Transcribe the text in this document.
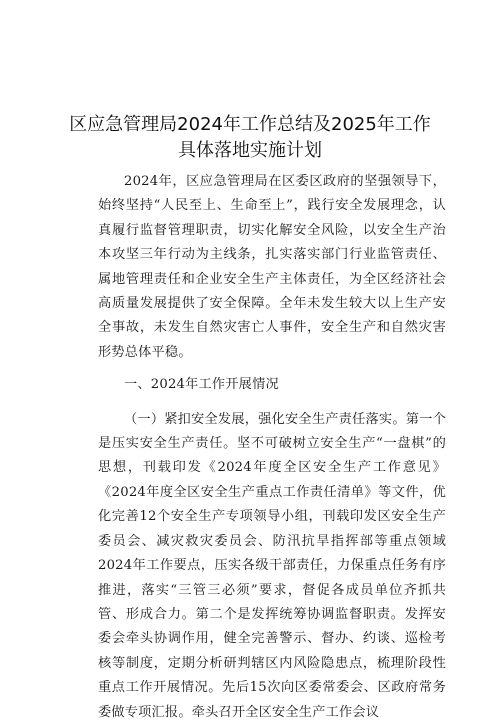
区应急管理局2024年工作总结及2025年工作
具体落地实施计划

2024年，区应急管理局在区委区政府的坚强领导下，始终坚持“人民至上、生命至上”，践行安全发展理念，认真履行监督管理职责，切实化解安全风险，以安全生产治本攻坚三年行动为主线条，扎实落实部门行业监管责任、属地管理责任和企业安全生产主体责任，为全区经济社会高质量发展提供了安全保障。全年未发生较大以上生产安全事故，未发生自然灾害亡人事件，安全生产和自然灾害形势总体平稳。

一、2024年工作开展情况

（一）紧扣安全发展，强化安全生产责任落实。第一个是压实安全生产责任。坚不可破树立安全生产“一盘棋”的思想，刊载印发《2024年度全区安全生产工作意见》《2024年度全区安全生产重点工作责任清单》等文件，优化完善12个安全生产专项领导小组，刊载印发区安全生产委员会、减灾救灾委员会、防汛抗旱指挥部等重点领域2024年工作要点，压实各级干部责任，力保重点任务有序推进，落实“三管三必须”要求，督促各成员单位齐抓共管、形成合力。第二个是发挥统筹协调监督职责。发挥安委会牵头协调作用，健全完善警示、督办、约谈、巡检考核等制度，定期分析研判辖区内风险隐患点，梳理阶段性重点工作开展情况。先后15次向区委常委会、区政府常务委做专项汇报。牵头召开全区安全生产工作会议
